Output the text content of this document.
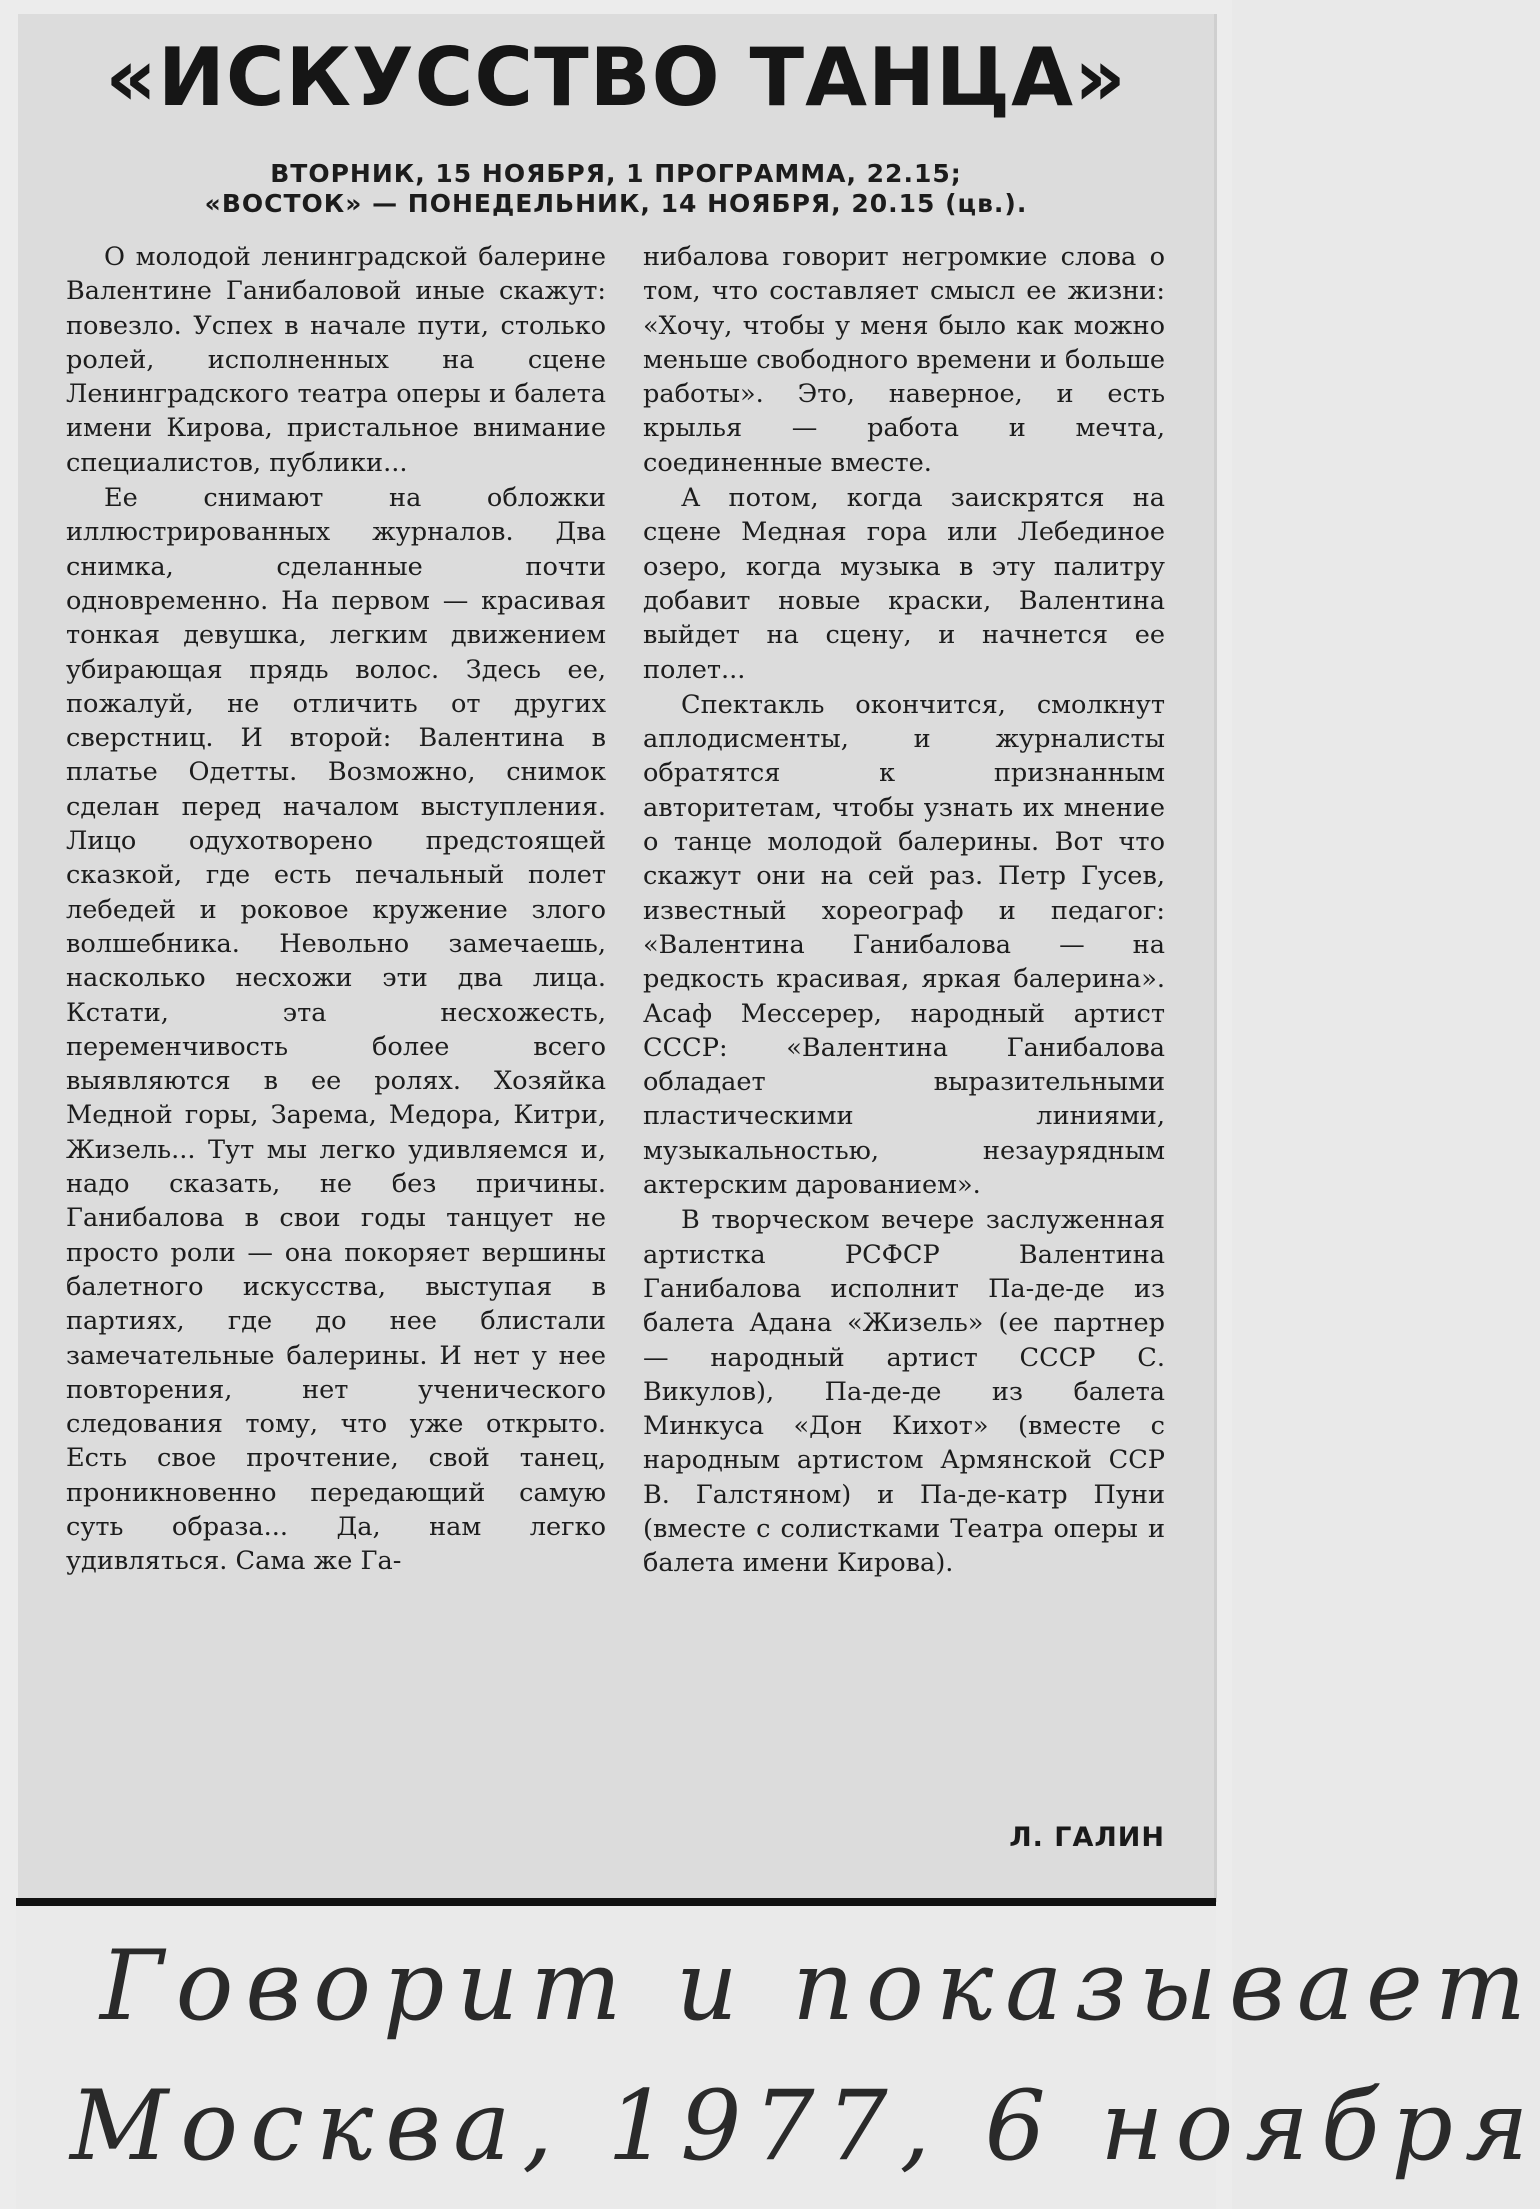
«ИСКУССТВО ТАНЦА»
ВТОРНИК, 15 НОЯБРЯ, 1 ПРОГРАММА, 22.15;
«ВОСТОК» — ПОНЕДЕЛЬНИК, 14 НОЯБРЯ, 20.15 (цв.).

О молодой ленинградской балерине Валентине Ганибаловой иные скажут: повезло. Успех в начале пути, столько ролей, исполненных на сцене Ленинградского театра оперы и балета имени Кирова, пристальное внимание специалистов, публики...

Ее снимают на обложки иллюстрированных журналов. Два снимка, сделанные почти одновременно. На первом — красивая тонкая девушка, легким движением убирающая прядь волос. Здесь ее, пожалуй, не отличить от других сверстниц. И второй: Валентина в платье Одетты. Возможно, снимок сделан перед началом выступления. Лицо одухотворено предстоящей сказкой, где есть печальный полет лебедей и роковое кружение злого волшебника. Невольно замечаешь, насколько несхожи эти два лица. Кстати, эта несхожесть, переменчивость более всего выявляются в ее ролях. Хозяйка Медной горы, Зарема, Медора, Китри, Жизель... Тут мы легко удивляемся и, надо сказать, не без причины. Ганибалова в свои годы танцует не просто роли — она покоряет вершины балетного искусства, выступая в партиях, где до нее блистали замечательные балерины. И нет у нее повторения, нет ученического следования тому, что уже открыто. Есть свое прочтение, свой танец, проникновенно передающий самую суть образа... Да, нам легко удивляться. Сама же Га-

нибалова говорит негромкие слова о том, что составляет смысл ее жизни: «Хочу, чтобы у меня было как можно меньше свободного времени и больше работы». Это, наверное, и есть крылья — работа и мечта, соединенные вместе.

А потом, когда заискрятся на сцене Медная гора или Лебединое озеро, когда музыка в эту палитру добавит новые краски, Валентина выйдет на сцену, и начнется ее полет...

Спектакль окончится, смолкнут аплодисменты, и журналисты обратятся к признанным авторитетам, чтобы узнать их мнение о танце молодой балерины. Вот что скажут они на сей раз. Петр Гусев, известный хореограф и педагог: «Валентина Ганибалова — на редкость красивая, яркая балерина». Асаф Мессерер, народный артист СССР: «Валентина Ганибалова обладает выразительными пластическими линиями, музыкальностью, незаурядным актерским дарованием».

В творческом вечере заслуженная артистка РСФСР Валентина Ганибалова исполнит Па-де-де из балета Адана «Жизель» (ее партнер — народный артист СССР С. Викулов), Па-де-де из балета Минкуса «Дон Кихот» (вместе с народным артистом Армянской ССР В. Галстяном) и Па-де-катр Пуни (вместе с солистками Театра оперы и балета имени Кирова).

Л. ГАЛИН
Говорит и показывает
Москва, 1977, 6 ноября
